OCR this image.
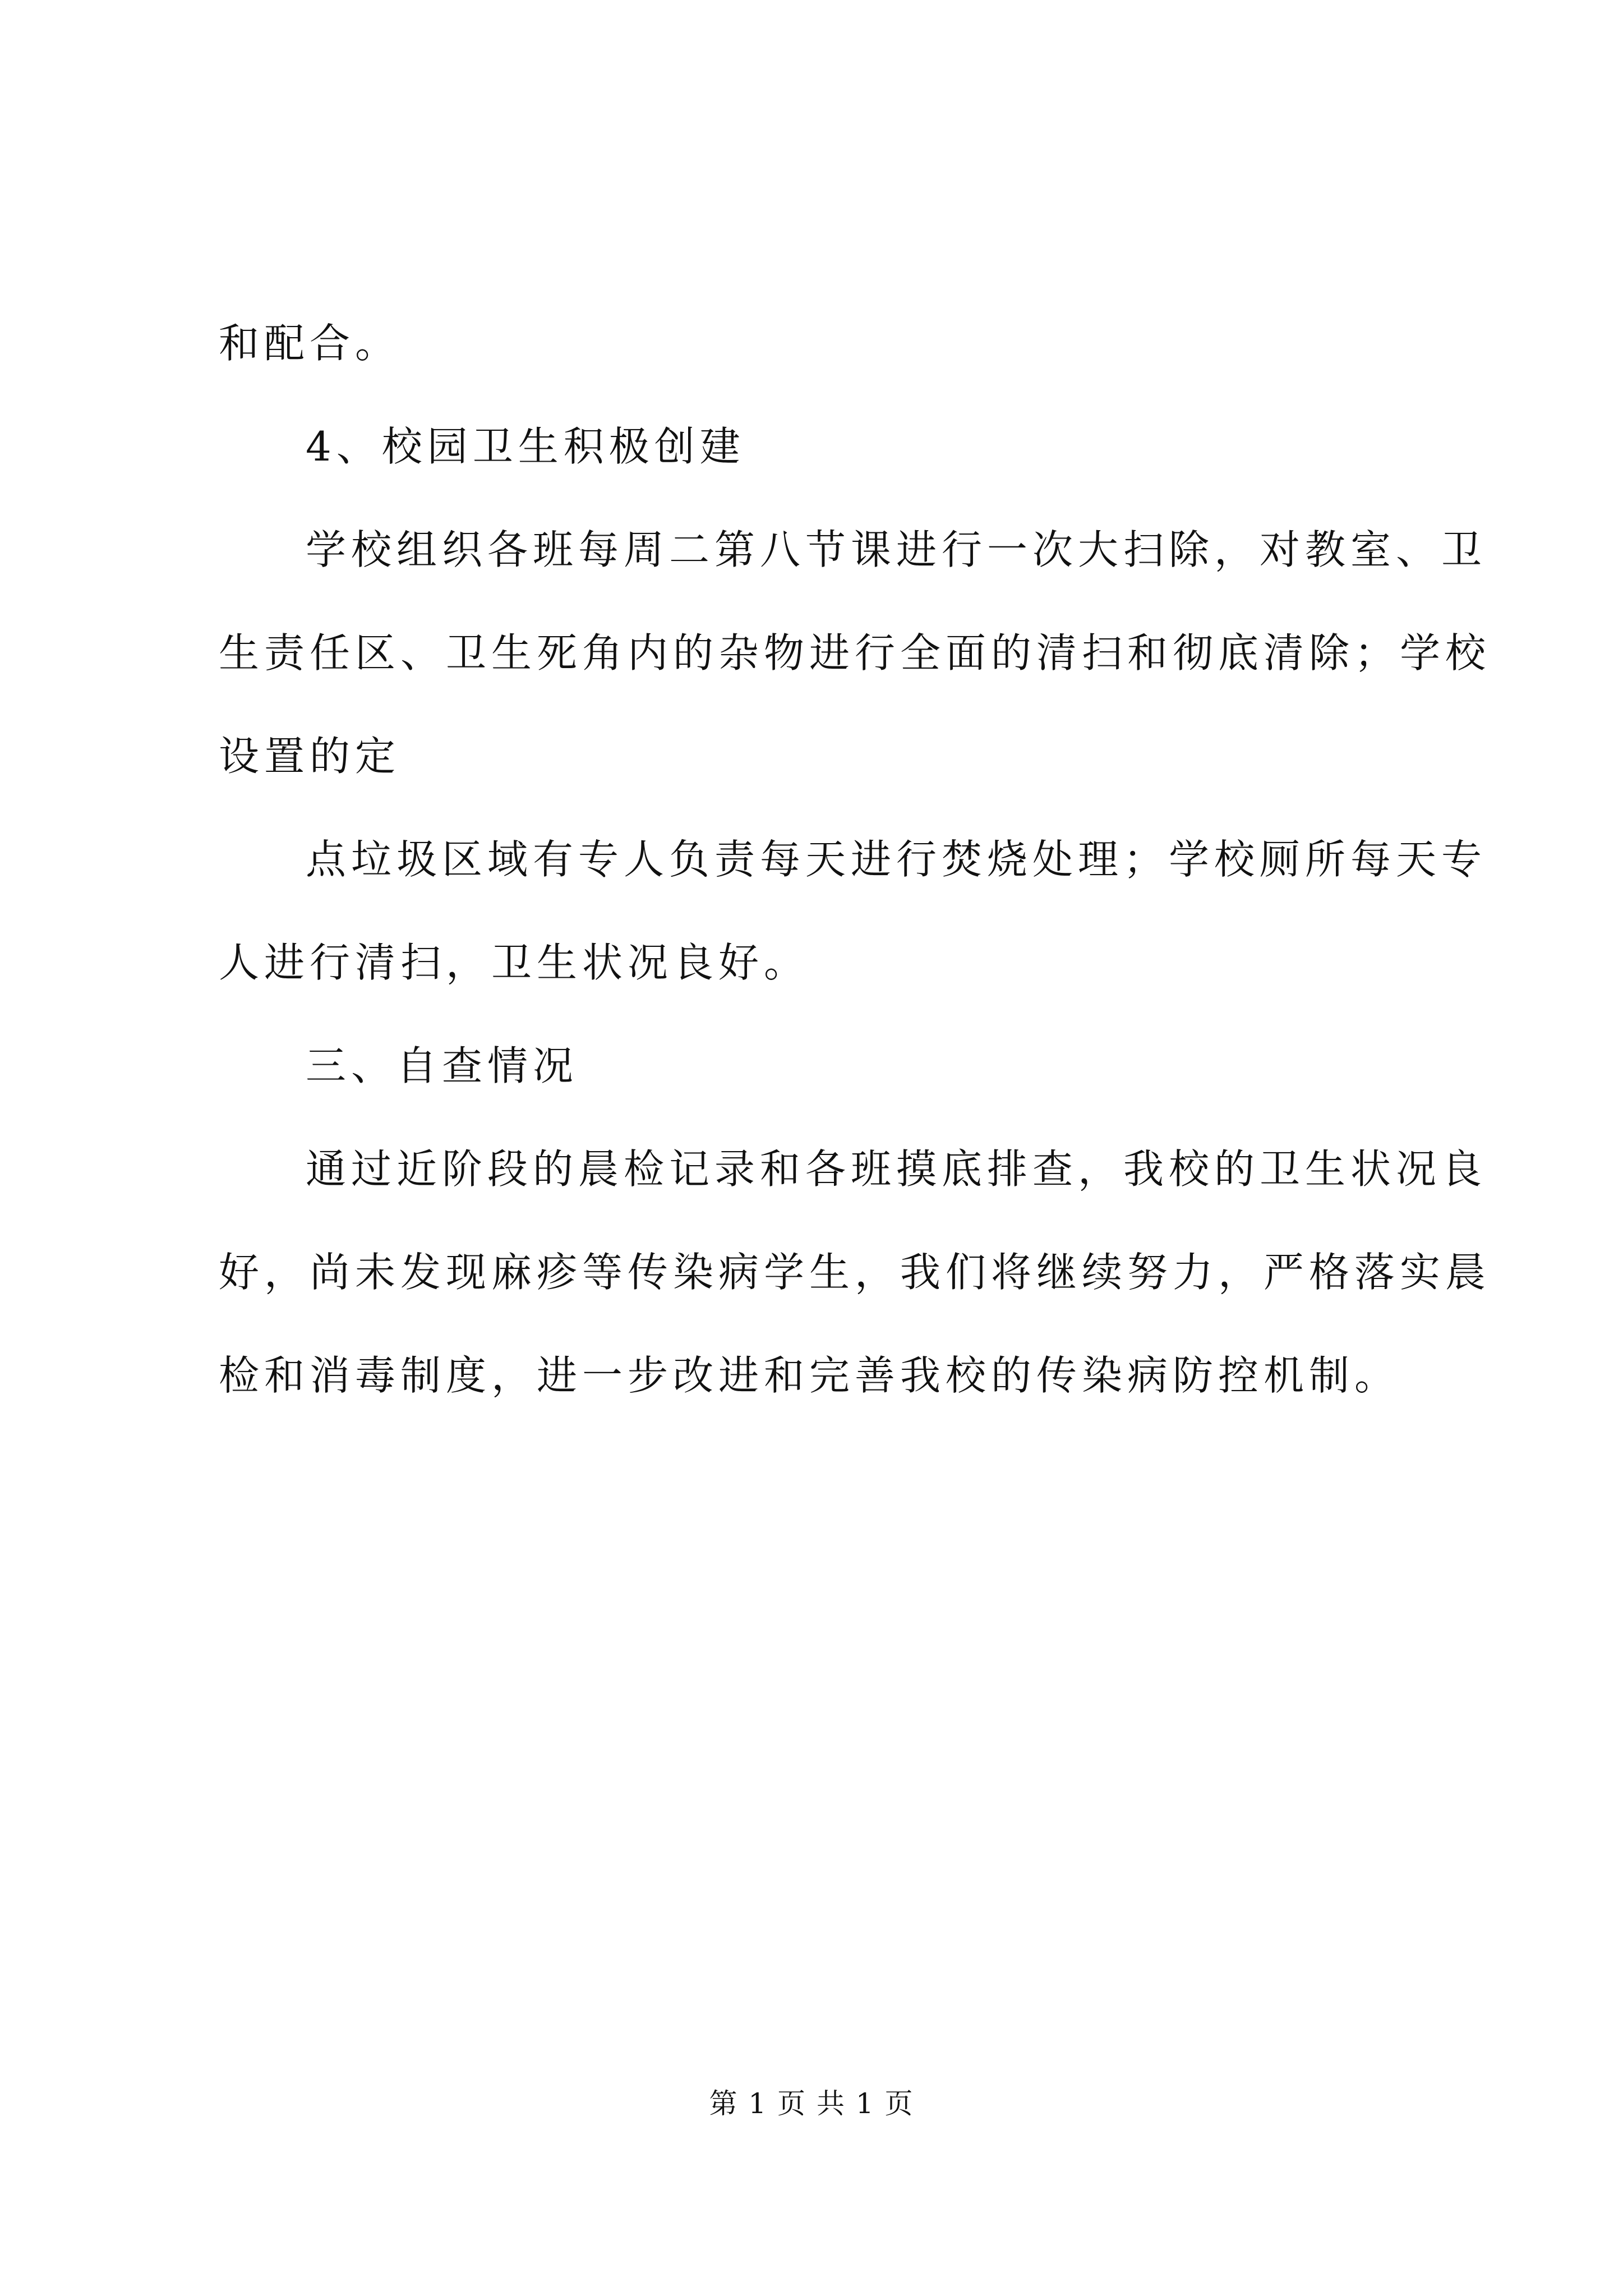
和配合。
4、校园卫生积极创建
学校组织各班每周二第八节课进行一次大扫除，对教室、卫
生责任区、卫生死角内的杂物进行全面的清扫和彻底清除；学校
设置的定
点垃圾区域有专人负责每天进行焚烧处理；学校厕所每天专
人进行清扫，卫生状况良好。
三、自查情况
通过近阶段的晨检记录和各班摸底排查，我校的卫生状况良
好，尚未发现麻疹等传染病学生，我们将继续努力，严格落实晨
检和消毒制度，进一步改进和完善我校的传染病防控机制。
第 1 页 共 1 页
